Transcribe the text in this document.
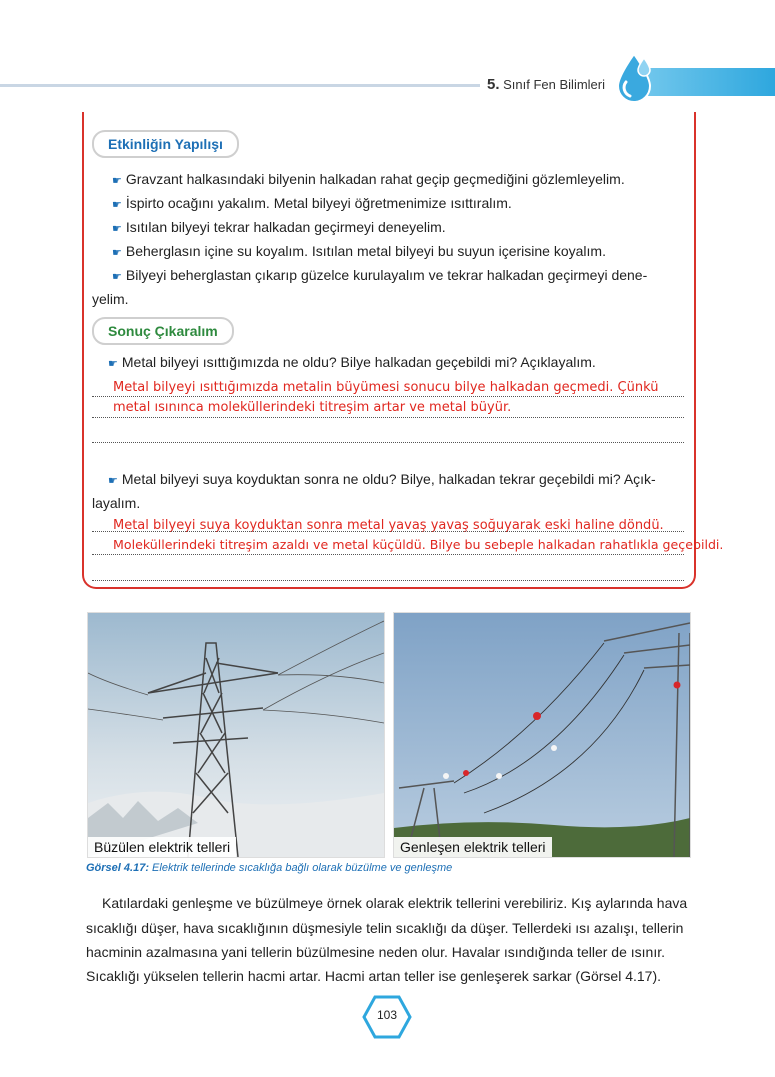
5. Sınıf Fen Bilimleri
Etkinliğin Yapılışı
☛ Gravzant halkasındaki bilyenin halkadan rahat geçip geçmediğini gözlemleyelim.
☛ İspirto ocağını yakalım. Metal bilyeyi öğretmenimize ısıttıralım.
☛ Isıtılan bilyeyi tekrar halkadan geçirmeyi deneyelim.
☛ Beherglasın içine su koyalım. Isıtılan metal bilyeyi bu suyun içerisine koyalım.
☛ Bilyeyi beherglastan çıkarıp güzelce kurulayalım ve tekrar halkadan geçirmeyi dene-
yelim.
Sonuç Çıkaralım
☛ Metal bilyeyi ısıttığımızda ne oldu? Bilye halkadan geçebildi mi? Açıklayalım.
Metal bilyeyi ısıttığımızda metalin büyümesi sonucu bilye halkadan geçmedi. Çünkü
metal ısınınca moleküllerindeki titreşim artar ve metal büyür.
☛ Metal bilyeyi suya koyduktan sonra ne oldu? Bilye, halkadan tekrar geçebildi mi? Açık-
layalım.
Metal bilyeyi suya koyduktan sonra metal yavaş yavaş soğuyarak eski haline döndü.
Moleküllerindeki titreşim azaldı ve metal küçüldü. Bilye bu sebeple halkadan rahatlıkla geçebildi.
Büzülen elektrik telleri	Genleşen elektrik telleri
Görsel 4.17: Elektrik tellerinde sıcaklığa bağlı olarak büzülme ve genleşme
Katılardaki genleşme ve büzülmeye örnek olarak elektrik tellerini verebiliriz. Kış aylarında hava
sıcaklığı düşer, hava sıcaklığının düşmesiyle telin sıcaklığı da düşer. Tellerdeki ısı azalışı, tellerin
hacminin azalmasına yani tellerin büzülmesine neden olur. Havalar ısındığında teller de ısınır.
Sıcaklığı yükselen tellerin hacmi artar. Hacmi artan teller ise genleşerek sarkar (Görsel 4.17).
103
